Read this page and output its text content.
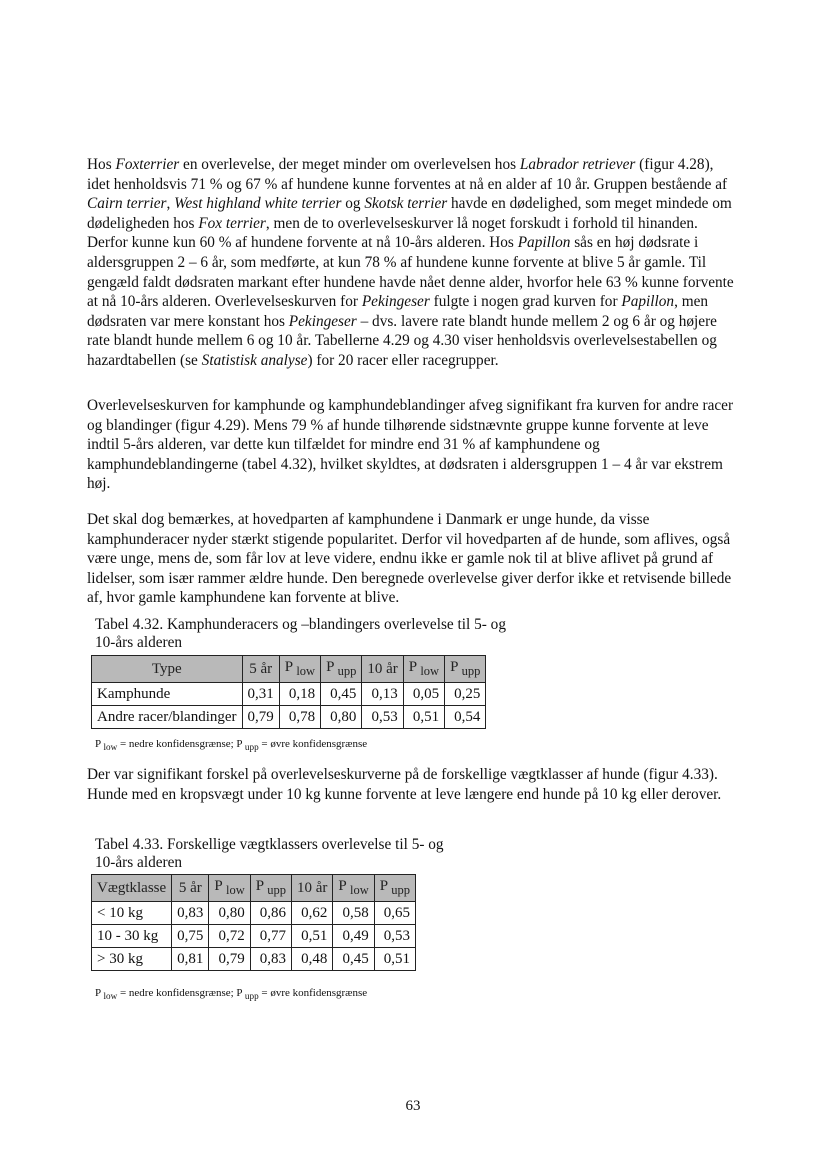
Hos Foxterrier en overlevelse, der meget minder om overlevelsen hos Labrador retriever (figur 4.28), idet henholdsvis 71 % og 67 % af hundene kunne forventes at nå en alder af 10 år. Gruppen bestående af Cairn terrier, West highland white terrier og Skotsk terrier havde en dødelighed, som meget mindede om dødeligheden hos Fox terrier, men de to overlevelseskurver lå noget forskudt i forhold til hinanden. Derfor kunne kun 60 % af hundene forvente at nå 10-års alderen. Hos Papillon sås en høj dødsrate i aldersgruppen 2 – 6 år, som medførte, at kun 78 % af hundene kunne forvente at blive 5 år gamle. Til gengæld faldt dødsraten markant efter hundene havde nået denne alder, hvorfor hele 63 % kunne forvente at nå 10-års alderen. Overlevelseskurven for Pekingeser fulgte i nogen grad kurven for Papillon, men dødsraten var mere konstant hos Pekingeser – dvs. lavere rate blandt hunde mellem 2 og 6 år og højere rate blandt hunde mellem 6 og 10 år. Tabellerne 4.29 og 4.30 viser henholdsvis overlevelsestabellen og hazardtabellen (se Statistisk analyse) for 20 racer eller racegrupper.

Overlevelseskurven for kamphunde og kamphundeblandinger afveg signifikant fra kurven for andre racer og blandinger (figur 4.29). Mens 79 % af hunde tilhørende sidstnævnte gruppe kunne forvente at leve indtil 5-års alderen, var dette kun tilfældet for mindre end 31 % af kamphundene og kamphundeblandingerne (tabel 4.32), hvilket skyldtes, at dødsraten i aldersgruppen 1 – 4 år var ekstrem høj.

Det skal dog bemærkes, at hovedparten af kamphundene i Danmark er unge hunde, da visse kamphunderacer nyder stærkt stigende popularitet. Derfor vil hovedparten af de hunde, som aflives, også være unge, mens de, som får lov at leve videre, endnu ikke er gamle nok til at blive aflivet på grund af lidelser, som især rammer ældre hunde. Den beregnede overlevelse giver derfor ikke et retvisende billede af, hvor gamle kamphundene kan forvente at blive.

Tabel 4.32. Kamphunderacers og –blandingers overlevelse til 5- og 10-års alderen

Type	5 år	P $_{low}$	P $_{upp}$	10 år	P $_{low}$	P $_{upp}$
Kamphunde	0,31	0,18	0,45	0,13	0,05	0,25
Andre racer/blandinger	0,79	0,78	0,80	0,53	0,51	0,54

P $_{low}$ = nedre konfidensgrænse; P $_{upp}$ = øvre konfidensgrænse

Der var signifikant forskel på overlevelseskurverne på de forskellige vægtklasser af hunde (figur 4.33). Hunde med en kropsvægt under 10 kg kunne forvente at leve længere end hunde på 10 kg eller derover.

Tabel 4.33. Forskellige vægtklassers overlevelse til 5- og 10-års alderen

Vægtklasse	5 år	P $_{low}$	P $_{upp}$	10 år	P $_{low}$	P $_{upp}$
< 10 kg	0,83	0,80	0,86	0,62	0,58	0,65
10 - 30 kg	0,75	0,72	0,77	0,51	0,49	0,53
> 30 kg	0,81	0,79	0,83	0,48	0,45	0,51

P $_{low}$ = nedre konfidensgrænse; P $_{upp}$ = øvre konfidensgrænse

63
